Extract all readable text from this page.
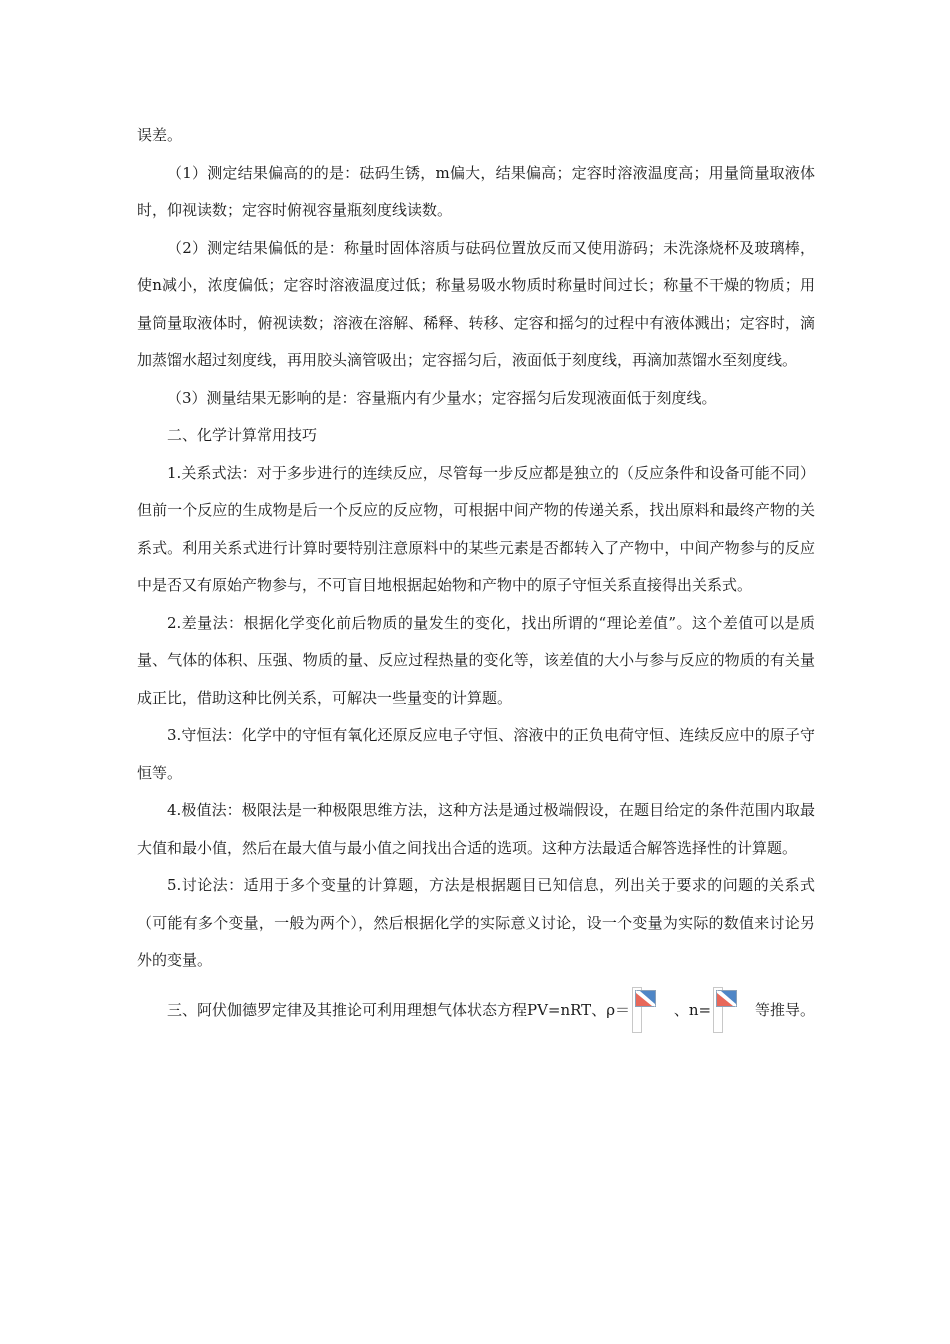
误差。

（1）测定结果偏高的的是：砝码生锈，m偏大，结果偏高；定容时溶液温度高；用量筒量取液体时，仰视读数；定容时俯视容量瓶刻度线读数。

（2）测定结果偏低的是：称量时固体溶质与砝码位置放反而又使用游码；未洗涤烧杯及玻璃棒，使n减小，浓度偏低；定容时溶液温度过低；称量易吸水物质时称量时间过长；称量不干燥的物质；用量筒量取液体时，俯视读数；溶液在溶解、稀释、转移、定容和摇匀的过程中有液体溅出；定容时，滴加蒸馏水超过刻度线，再用胶头滴管吸出；定容摇匀后，液面低于刻度线，再滴加蒸馏水至刻度线。

（3）测量结果无影响的是：容量瓶内有少量水；定容摇匀后发现液面低于刻度线。

二、化学计算常用技巧

1.关系式法：对于多步进行的连续反应，尽管每一步反应都是独立的（反应条件和设备可能不同）但前一个反应的生成物是后一个反应的反应物，可根据中间产物的传递关系，找出原料和最终产物的关系式。利用关系式进行计算时要特别注意原料中的某些元素是否都转入了产物中，中间产物参与的反应中是否又有原始产物参与，不可盲目地根据起始物和产物中的原子守恒关系直接得出关系式。

2.差量法：根据化学变化前后物质的量发生的变化，找出所谓的“理论差值”。这个差值可以是质量、气体的体积、压强、物质的量、反应过程热量的变化等，该差值的大小与参与反应的物质的有关量成正比，借助这种比例关系，可解决一些量变的计算题。

3.守恒法：化学中的守恒有氧化还原反应电子守恒、溶液中的正负电荷守恒、连续反应中的原子守恒等。

4.极值法：极限法是一种极限思维方法，这种方法是通过极端假设，在题目给定的条件范围内取最大值和最小值，然后在最大值与最小值之间找出合适的选项。这种方法最适合解答选择性的计算题。

5.讨论法：适用于多个变量的计算题，方法是根据题目已知信息，列出关于要求的问题的关系式（可能有多个变量，一般为两个），然后根据化学的实际意义讨论，设一个变量为实际的数值来讨论另外的变量。

三、阿伏伽德罗定律及其推论可利用理想气体状态方程PV=nRT、ρ＝	、n=	等推导。
